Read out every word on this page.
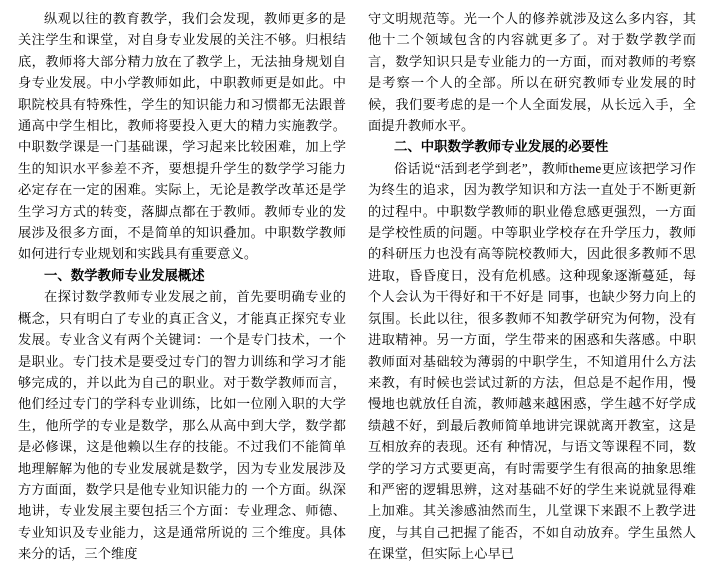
纵观以往的教育教学，我们会发现，教师更多的是关注学生和课堂，对自身专业发展的关注不够。归根结底，教师将大部分精力放在了教学上，无法抽身规划自身专业发展。中小学教师如此，中职教师更是如此。中职院校具有特殊性，学生的知识能力和习惯都无法跟普通高中学生相比，教师将要投入更大的精力实施教学。中职数学课是一门基础课，学习起来比较困难，加上学生的知识水平参差不齐，要想提升学生的数学学习能力必定存在一定的困难。实际上，无论是教学改革还是学生学习方式的转变，落脚点都在于教师。教师专业的发展涉及很多方面，不是简单的知识叠加。中职数学教师如何进行专业规划和实践具有重要意义。

一、数学教师专业发展概述

在探讨数学教师专业发展之前，首先要明确专业的概念，只有明白了专业的真正含义，才能真正探究专业发展。专业含义有两个关键词：一个是专门技术，一个是职业。专门技术是要受过专门的智力训练和学习才能够完成的，并以此为自己的职业。对于数学教师而言，他们经过专门的学科专业训练，比如一位刚入职的大学生，他所学的专业是数学，那么从高中到大学，数学都是必修课，这是他赖以生存的技能。不过我们不能简单地理解解为他的专业发展就是数学，因为专业发展涉及方方面面，数学只是他专业知识能力的 一个方面。纵深地讲，专业发展主要包括三个方面：专业理念、师德、专业知识及专业能力，这是通常所说的 三个维度。具体来分的话，三个维度

守文明规范等。光一个人的修养就涉及这么多内容，其他十二个领域包含的内容就更多了。对于数学教学而言，数学知识只是专业能力的一方面，而对教师的考察是考察一个人的全部。所以在研究教师专业发展的时候，我们要考虑的是一个人全面发展，从长远入手，全面提升教师水平。

二、中职数学教师专业发展的必要性

俗话说“活到老学到老”，教师theme更应该把学习作为终生的追求，因为教学知识和方法一直处于不断更新的过程中。中职数学教师的职业倦怠感更强烈，一方面是学校性质的问题。中等职业学校存在升学压力，教师的科研压力也没有高等院校教师大，因此很多教师不思进取，昏昏度日，没有危机感。这种现象逐渐蔓延，每个人会认为干得好和干不好是 同事，也缺少努力向上的氛围。长此以往，很多教师不知教学研究为何物，没有进取精神。另一方面，学生带来的困惑和失落感。中职教师面对基础较为薄弱的中职学生，不知道用什么方法来教，有时候也尝试过新的方法，但总是不起作用，慢慢地也就放任自流，教师越来越困惑，学生越不好学成绩越不好，到最后教师简单地讲完课就离开教室，这是互相放弃的表现。还有 种情况，与语文等课程不同，数学的学习方式要更高，有时需要学生有很高的抽象思维和严密的逻辑思辨，这对基础不好的学生来说就显得难上加难。其关渗感油然而生，儿堂课下来跟不上教学进度，与其自己把握了能否，不如自动放弃。学生虽然人在课堂，但实际上心早已
